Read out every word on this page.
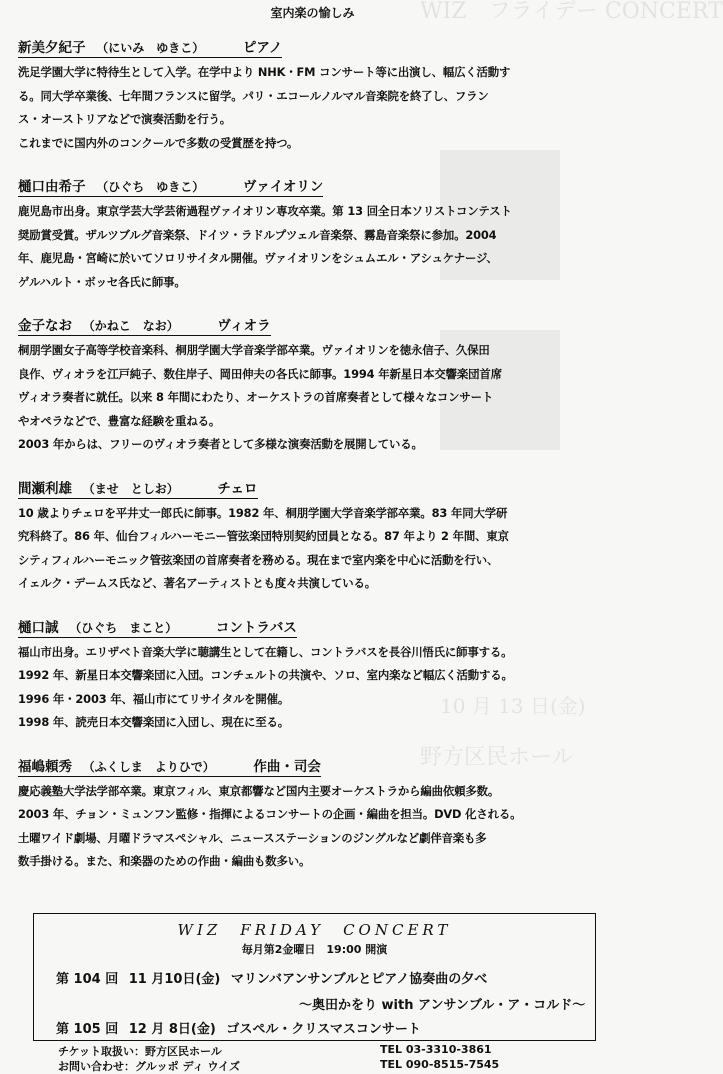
WIZ　フライデー CONCERT
10 月 13 日(金)
野方区民ホール
室内楽の愉しみ
新美夕紀子 （にいみ　ゆきこ）	ピアノ
洗足学園大学に特待生として入学。在学中より NHK・FM コンサート等に出演し、幅広く活動す
る。同大学卒業後、七年間フランスに留学。パリ・エコールノルマル音楽院を終了し、フラン
ス・オーストリアなどで演奏活動を行う。
これまでに国内外のコンクールで多数の受賞歴を持つ。
樋口由希子 （ひぐち　ゆきこ）	ヴァイオリン
鹿児島市出身。東京学芸大学芸術過程ヴァイオリン専攻卒業。第 13 回全日本ソリストコンテスト
奨励賞受賞。ザルツブルグ音楽祭、ドイツ・ラドルプツェル音楽祭、霧島音楽祭に参加。2004
年、鹿児島・宮崎に於いてソロリサイタル開催。ヴァイオリンをシュムエル・アシュケナージ、
ゲルハルト・ボッセ各氏に師事。
金子なお （かねこ　なお）	ヴィオラ
桐朋学園女子高等学校音楽科、桐朋学園大学音楽学部卒業。ヴァイオリンを徳永信子、久保田
良作、ヴィオラを江戸純子、数住岸子、岡田伸夫の各氏に師事。1994 年新星日本交響楽団首席
ヴィオラ奏者に就任。以来 8 年間にわたり、オーケストラの首席奏者として様々なコンサート
やオペラなどで、豊富な経験を重ねる。
2003 年からは、フリーのヴィオラ奏者として多様な演奏活動を展開している。
間瀬利雄 （ませ　としお）	チェロ
10 歳よりチェロを平井丈一郎氏に師事。1982 年、桐朋学園大学音楽学部卒業。83 年同大学研
究科終了。86 年、仙台フィルハーモニー管弦楽団特別契約団員となる。87 年より 2 年間、東京
シティフィルハーモニック管弦楽団の首席奏者を務める。現在まで室内楽を中心に活動を行い、
イェルク・デームス氏など、著名アーティストとも度々共演している。
樋口誠 （ひぐち　まこと）	コントラバス
福山市出身。エリザベト音楽大学に聴講生として在籍し、コントラバスを長谷川悟氏に師事する。
1992 年、新星日本交響楽団に入団。コンチェルトの共演や、ソロ、室内楽など幅広く活動する。
1996 年・2003 年、福山市にてリサイタルを開催。
1998 年、読売日本交響楽団に入団し、現在に至る。
福嶋頼秀 （ふくしま　よりひで）	作曲・司会
慶応義塾大学法学部卒業。東京フィル、東京都響など国内主要オーケストラから編曲依頼多数。
2003 年、チョン・ミュンフン監修・指揮によるコンサートの企画・編曲を担当。DVD 化される。
土曜ワイド劇場、月曜ドラマスペシャル、ニュースステーションのジングルなど劇伴音楽も多
数手掛ける。また、和楽器のための作曲・編曲も数多い。
WIZ　FRIDAY　CONCERT
毎月第2金曜日　19:00 開演
第 104 回 11 月10日(金) マリンバアンサンブルとピアノ協奏曲の夕べ
～奥田かをり with アンサンブル・ア・コルド～
第 105 回 12 月 8日(金) ゴスペル・クリスマスコンサート
チケット取扱い：野方区民ホール	TEL 03-3310-3861
お問い合わせ：グルッポ ディ ウイズ	TEL 090-8515-7545
